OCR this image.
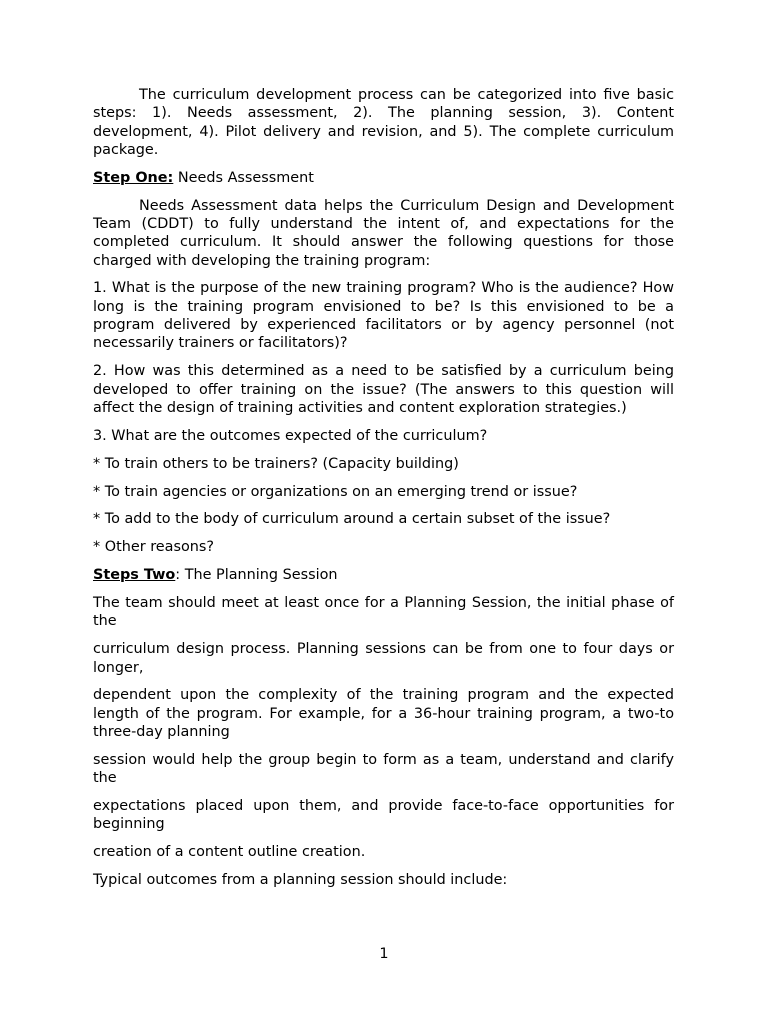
The curriculum development process can be categorized into five basic steps: 1). Needs assessment, 2). The planning session, 3). Content development, 4). Pilot delivery and revision, and 5). The complete curriculum package.

Step One: Needs Assessment

Needs Assessment data helps the Curriculum Design and Development Team (CDDT) to fully understand the intent of, and expectations for the completed curriculum. It should answer the following questions for those charged with developing the training program:

1. What is the purpose of the new training program? Who is the audience? How long is the training program envisioned to be? Is this envisioned to be a program delivered by experienced facilitators or by agency personnel (not necessarily trainers or facilitators)?

2. How was this determined as a need to be satisfied by a curriculum being developed to offer training on the issue? (The answers to this question will affect the design of training activities and content exploration strategies.)

3. What are the outcomes expected of the curriculum?

* To train others to be trainers? (Capacity building)

* To train agencies or organizations on an emerging trend or issue?

* To add to the body of curriculum around a certain subset of the issue?

* Other reasons?

Steps Two: The Planning Session

The team should meet at least once for a Planning Session, the initial phase of the

curriculum design process. Planning sessions can be from one to four days or longer,

dependent upon the complexity of the training program and the expected length of the program. For example, for a 36-hour training program, a two-to three-day planning

session would help the group begin to form as a team, understand and clarify the

expectations placed upon them, and provide face-to-face opportunities for beginning

creation of a content outline creation.

Typical outcomes from a planning session should include:

1
